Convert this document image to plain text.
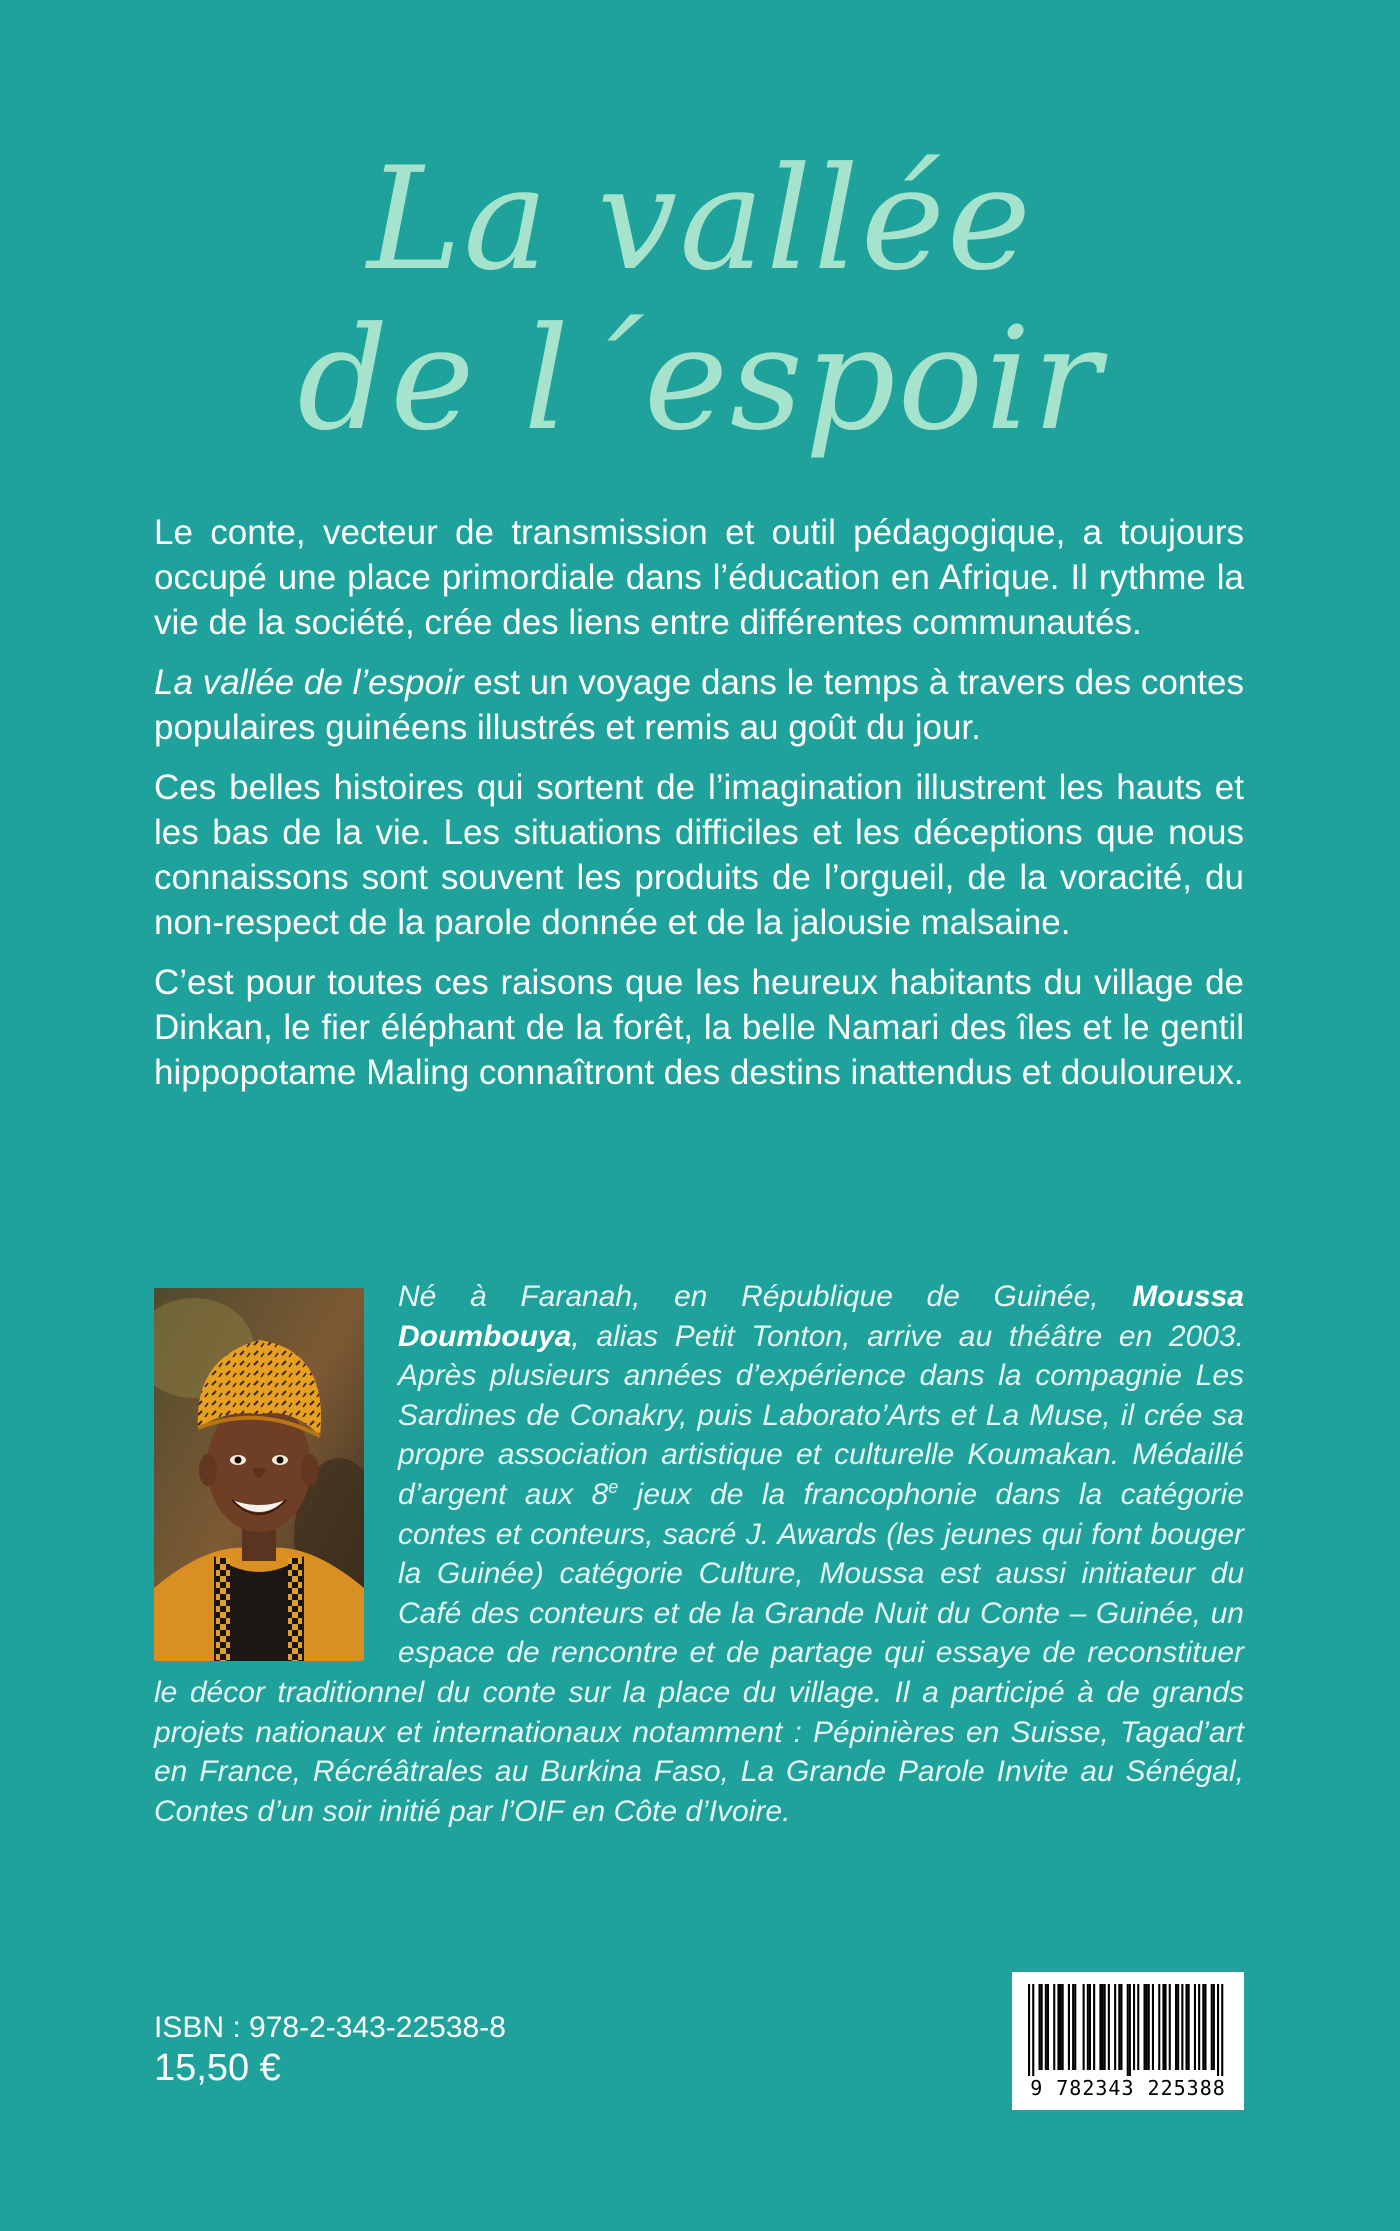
La vallée
de l´espoir

Le conte, vecteur de transmission et outil pédagogique, a toujours occupé une place primordiale dans l’éducation en Afrique. Il rythme la vie de la société, crée des liens entre différentes communautés.

La vallée de l’espoir est un voyage dans le temps à travers des contes populaires guinéens illustrés et remis au goût du jour.

Ces belles histoires qui sortent de l’imagination illustrent les hauts et les bas de la vie. Les situations difficiles et les déceptions que nous connaissons sont souvent les produits de l’orgueil, de la voracité, du non-respect de la parole donnée et de la jalousie malsaine.

C’est pour toutes ces raisons que les heureux habitants du village de Dinkan, le fier éléphant de la forêt, la belle Namari des îles et le gentil hippopotame Maling connaîtront des destins inattendus et douloureux.

Né à Faranah, en République de Guinée, Moussa Doumbouya, alias Petit Tonton, arrive au théâtre en 2003. Après plusieurs années d’expérience dans la compagnie Les Sardines de Conakry, puis Laborato’Arts et La Muse, il crée sa propre association artistique et culturelle Koumakan. Médaillé d’argent aux 8e jeux de la francophonie dans la catégorie contes et conteurs, sacré J. Awards (les jeunes qui font bouger la Guinée) catégorie Culture, Moussa est aussi initiateur du Café des conteurs et de la Grande Nuit du Conte – Guinée, un espace de rencontre et de partage qui essaye de reconstituer le décor traditionnel du conte sur la place du village. Il a participé à de grands projets nationaux et internationaux notamment : Pépinières en Suisse, Tagad’art en France, Récréâtrales au Burkina Faso, La Grande Parole Invite au Sénégal, Contes d’un soir initié par l’OIF en Côte d’Ivoire.
ISBN : 978-2-343-22538-8
15,50 €	9 782343 225388
